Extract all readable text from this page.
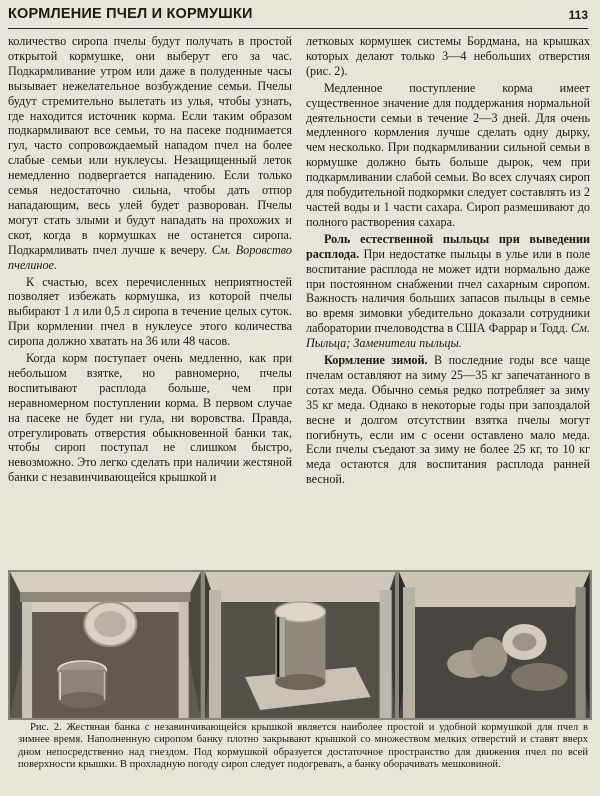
КОРМЛЕНИЕ ПЧЕЛ И КОРМУШКИ	113

количество сиропа пчелы будут получать в простой открытой кормушке, они выберут его за час. Подкармливание утром или даже в полуденные часы вызывает нежелательное возбуждение семьи. Пчелы будут стремительно вылетать из улья, чтобы узнать, где находится источник корма. Если таким образом подкармливают все семьи, то на пасеке поднимается гул, часто сопровождаемый нападом пчел на более слабые семьи или нуклеусы. Незащищенный леток немедленно подвергается нападению. Если только семья недостаточно сильна, чтобы дать отпор нападающим, весь улей будет разворован. Пчелы могут стать злыми и будут нападать на прохожих и скот, когда в кормушках не останется сиропа. Подкармливать пчел лучше к вечеру. См. Воровство пчелиное.

К счастью, всех перечисленных неприятностей позволяет избежать кормушка, из которой пчелы выбирают 1 л или 0,5 л сиропа в течение целых суток. При кормлении пчел в нуклеусе этого количества сиропа должно хватать на 36 или 48 часов.

Когда корм поступает очень медленно, как при небольшом взятке, но равномерно, пчелы воспитывают расплода больше, чем при неравномерном поступлении корма. В первом случае на пасеке не будет ни гула, ни воровства. Правда, отрегулировать отверстия обыкновенной банки так, чтобы сироп поступал не слишком быстро, невозможно. Это легко сделать при наличии жестяной банки с незавинчивающейся крышкой и

летковых кормушек системы Бордмана, на крышках которых делают только 3—4 небольших отверстия (рис. 2).

Медленное поступление корма имеет существенное значение для поддержания нормальной деятельности семьи в течение 2—3 дней. Для очень медленного кормления лучше сделать одну дырку, чем несколько. При подкармливании сильной семьи в кормушке должно быть больше дырок, чем при подкармливании слабой семьи. Во всех случаях сироп для побудительной подкормки следует составлять из 2 частей воды и 1 части сахара. Сироп размешивают до полного растворения сахара.

Роль естественной пыльцы при выведении расплода. При недостатке пыльцы в улье или в поле воспитание расплода не может идти нормально даже при постоянном снабжении пчел сахарным сиропом. Важность наличия больших запасов пыльцы в семье во время зимовки убедительно доказали сотрудники лаборатории пчеловодства в США Фаррар и Тодд. См. Пыльца; Заменители пыльцы.

Кормление зимой. В последние годы все чаще пчелам оставляют на зиму 25—35 кг запечатанного в сотах меда. Обычно семья редко потребляет за зиму 35 кг меда. Однако в некоторые годы при запоздалой весне и долгом отсутствии взятка пчелы могут погибнуть, если им с осени оставлено мало меда. Если пчелы съедают за зиму не более 25 кг, то 10 кг меда остаются для воспитания расплода ранней весной.

Рис. 2. Жестяная банка с незавинчивающейся крышкой является наиболее простой и удобной кормушкой для пчел в зимнее время. Наполненную сиропом банку плотно закрывают крышкой со множеством мелких отверстий и ставят вверх дном непосредственно над гнездом. Под кормушкой образуется достаточное пространство для движения пчел по всей поверхности крышки. В прохладную погоду сироп следует подогревать, а банку оборачивать мешковиной.
